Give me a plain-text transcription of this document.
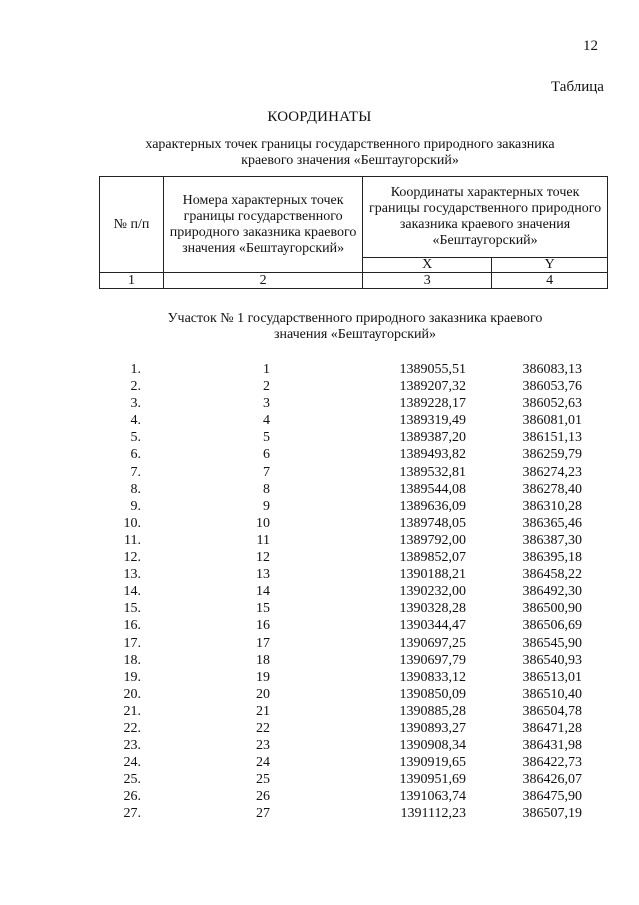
12
Таблица
КООРДИНАТЫ
характерных точек границы государственного природного заказника краевого значения «Бештаугорский»
№ п/п	Номера характерных точек границы государственного природного заказника краевого значения «Бештаугорский»	Координаты характерных точек границы государственного природного заказника краевого значения «Бештаугорский»	
		X	Y
1	2	3	4
Участок № 1 государственного природного заказника краевого значения «Бештаугорский»
1.	1	1389055,51	386083,13
2.	2	1389207,32	386053,76
3.	3	1389228,17	386052,63
4.	4	1389319,49	386081,01
5.	5	1389387,20	386151,13
6.	6	1389493,82	386259,79
7.	7	1389532,81	386274,23
8.	8	1389544,08	386278,40
9.	9	1389636,09	386310,28
10.	10	1389748,05	386365,46
11.	11	1389792,00	386387,30
12.	12	1389852,07	386395,18
13.	13	1390188,21	386458,22
14.	14	1390232,00	386492,30
15.	15	1390328,28	386500,90
16.	16	1390344,47	386506,69
17.	17	1390697,25	386545,90
18.	18	1390697,79	386540,93
19.	19	1390833,12	386513,01
20.	20	1390850,09	386510,40
21.	21	1390885,28	386504,78
22.	22	1390893,27	386471,28
23.	23	1390908,34	386431,98
24.	24	1390919,65	386422,73
25.	25	1390951,69	386426,07
26.	26	1391063,74	386475,90
27.	27	1391112,23	386507,19
